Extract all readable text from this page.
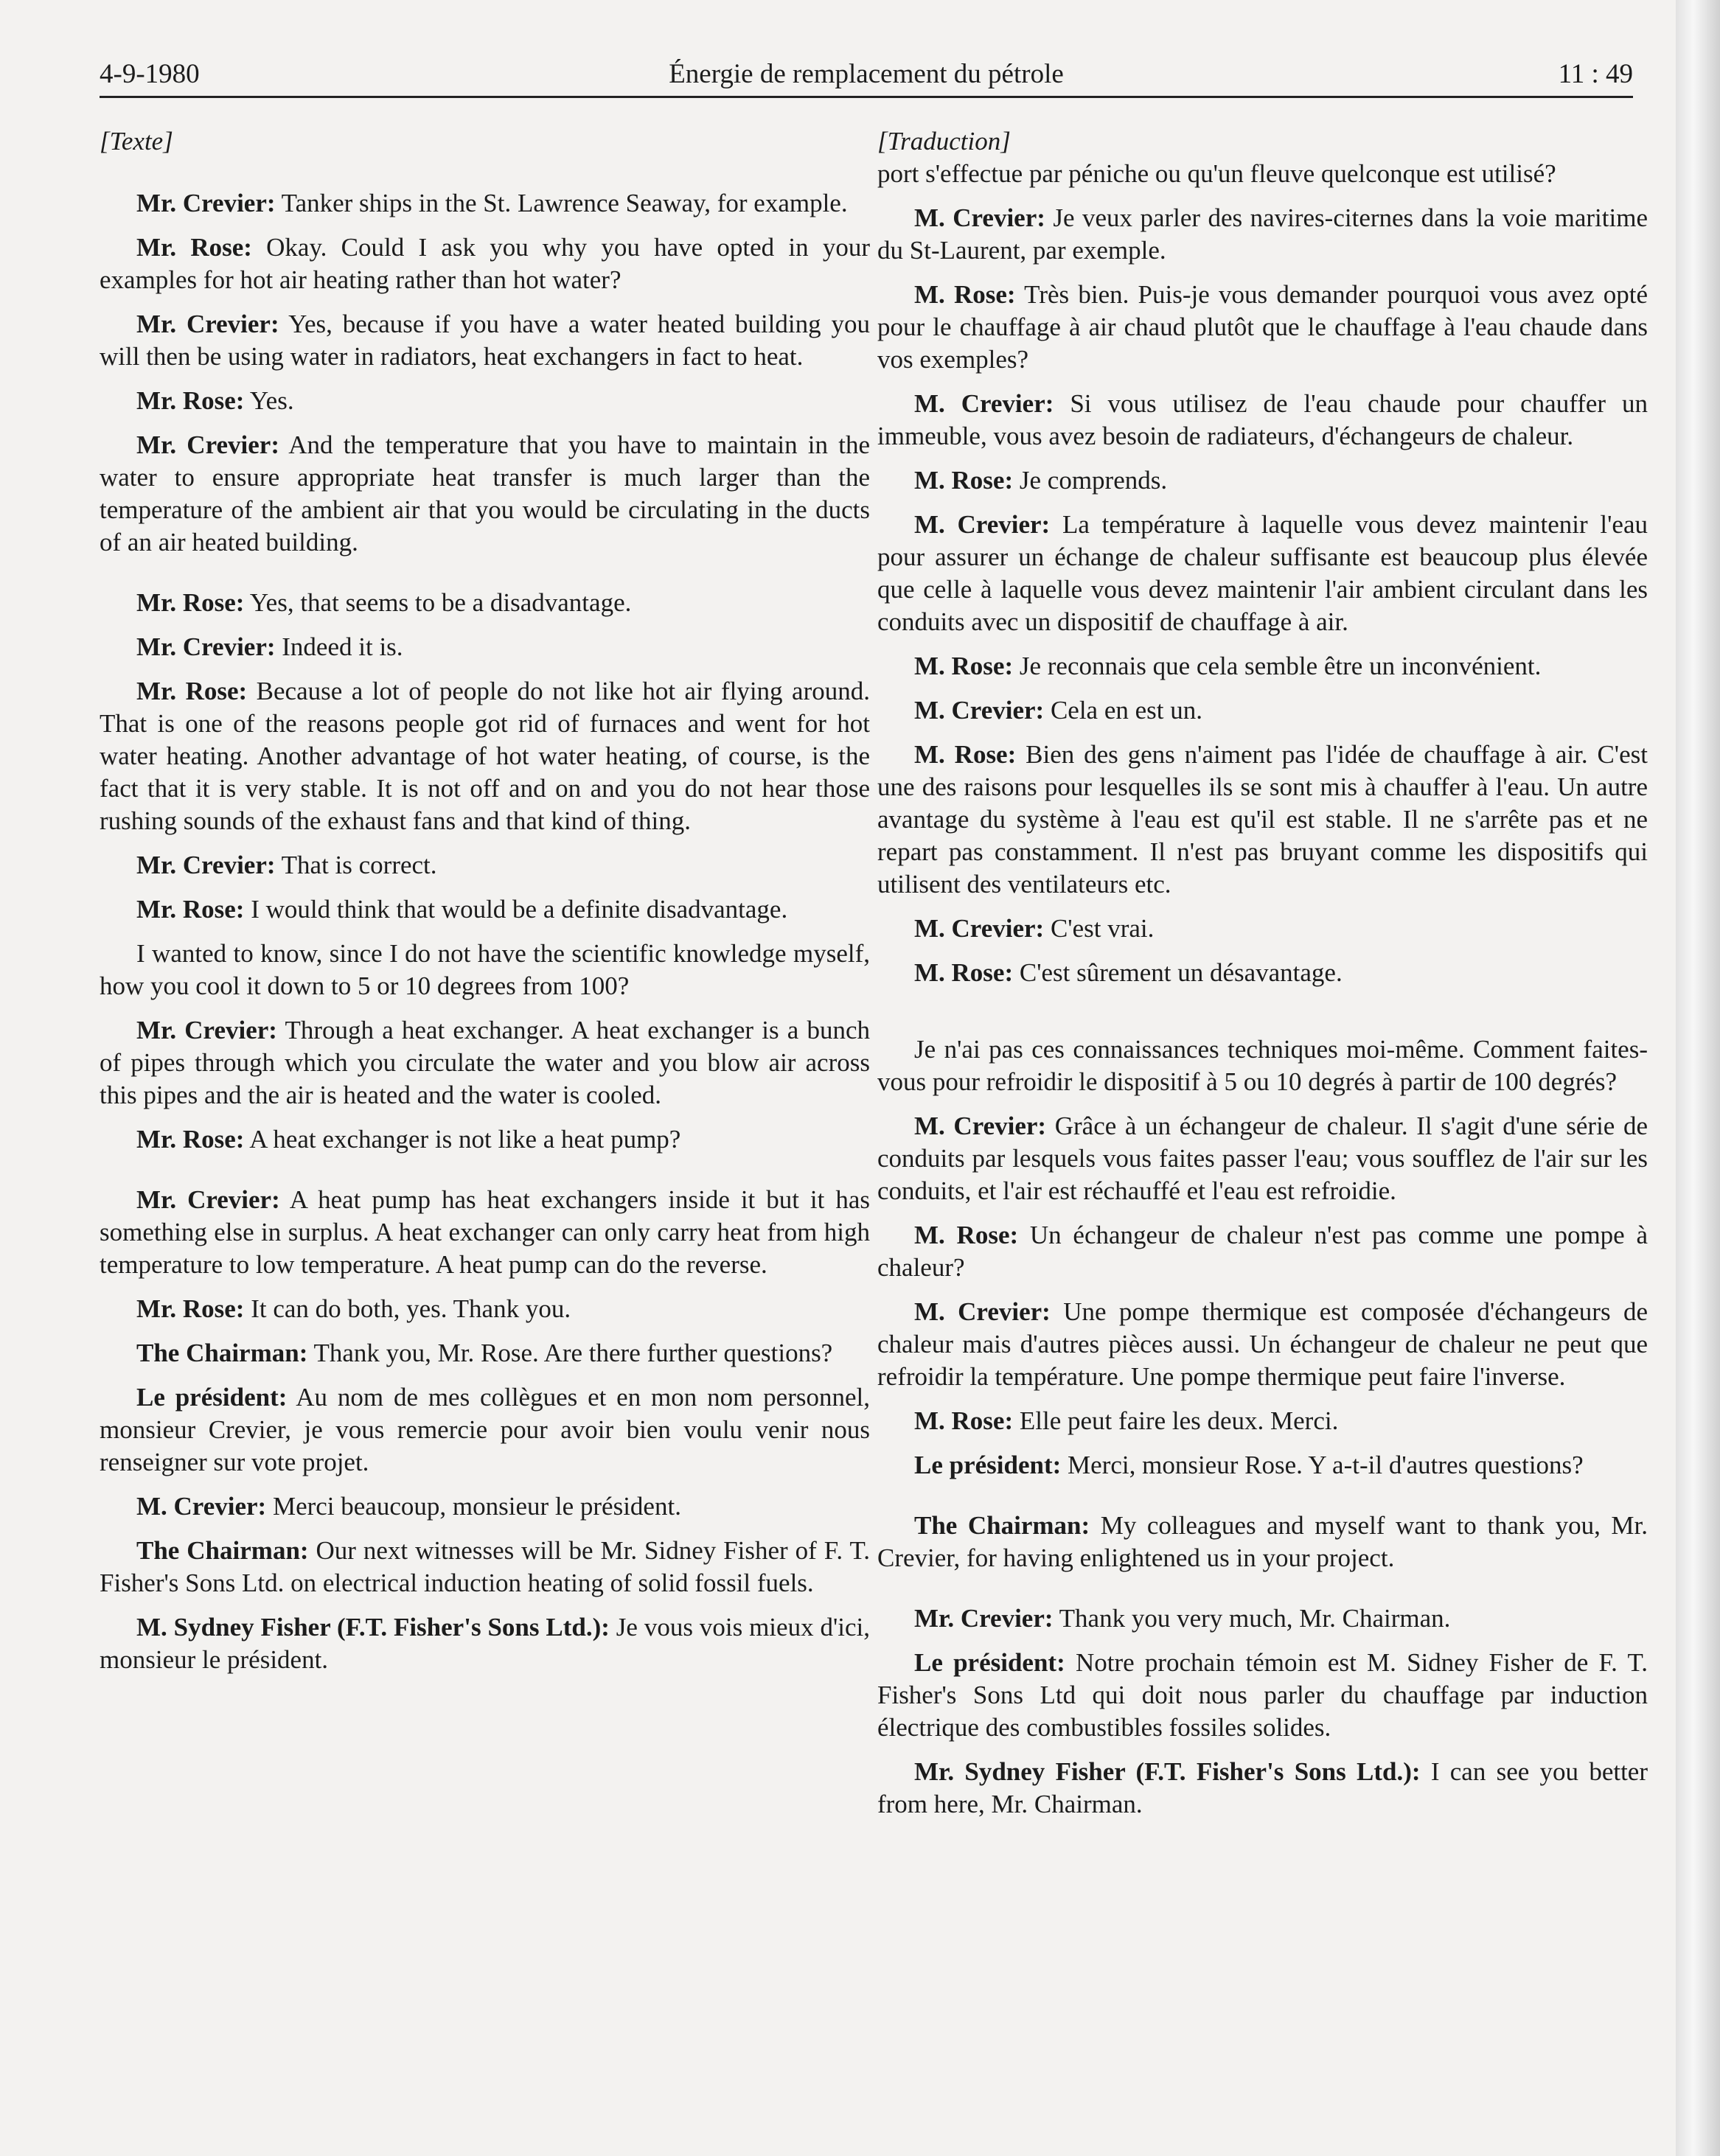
4-9-1980	Énergie de remplacement du pétrole	11 : 49
[Texte]

Mr. Crevier: Tanker ships in the St. Lawrence Seaway, for example.

Mr. Rose: Okay. Could I ask you why you have opted in your examples for hot air heating rather than hot water?

Mr. Crevier: Yes, because if you have a water heated building you will then be using water in radiators, heat exchangers in fact to heat.

Mr. Rose: Yes.

Mr. Crevier: And the temperature that you have to maintain in the water to ensure appropriate heat transfer is much larger than the temperature of the ambient air that you would be circulating in the ducts of an air heated building.

Mr. Rose: Yes, that seems to be a disadvantage.

Mr. Crevier: Indeed it is.

Mr. Rose: Because a lot of people do not like hot air flying around. That is one of the reasons people got rid of furnaces and went for hot water heating. Another advantage of hot water heating, of course, is the fact that it is very stable. It is not off and on and you do not hear those rushing sounds of the exhaust fans and that kind of thing.

Mr. Crevier: That is correct.

Mr. Rose: I would think that would be a definite disadvantage.

I wanted to know, since I do not have the scientific knowledge myself, how you cool it down to 5 or 10 degrees from 100?

Mr. Crevier: Through a heat exchanger. A heat exchanger is a bunch of pipes through which you circulate the water and you blow air across this pipes and the air is heated and the water is cooled.

Mr. Rose: A heat exchanger is not like a heat pump?

Mr. Crevier: A heat pump has heat exchangers inside it but it has something else in surplus. A heat exchanger can only carry heat from high temperature to low temperature. A heat pump can do the reverse.

Mr. Rose: It can do both, yes. Thank you.

The Chairman: Thank you, Mr. Rose. Are there further questions?

Le président: Au nom de mes collègues et en mon nom personnel, monsieur Crevier, je vous remercie pour avoir bien voulu venir nous renseigner sur vote projet.

M. Crevier: Merci beaucoup, monsieur le président.

The Chairman: Our next witnesses will be Mr. Sidney Fisher of F. T. Fisher's Sons Ltd. on electrical induction heating of solid fossil fuels.

M. Sydney Fisher (F.T. Fisher's Sons Ltd.): Je vous vois mieux d'ici, monsieur le président.

[Traduction]

port s'effectue par péniche ou qu'un fleuve quelconque est utilisé?

M. Crevier: Je veux parler des navires-citernes dans la voie maritime du St-Laurent, par exemple.

M. Rose: Très bien. Puis-je vous demander pourquoi vous avez opté pour le chauffage à air chaud plutôt que le chauffage à l'eau chaude dans vos exemples?

M. Crevier: Si vous utilisez de l'eau chaude pour chauffer un immeuble, vous avez besoin de radiateurs, d'échangeurs de chaleur.

M. Rose: Je comprends.

M. Crevier: La température à laquelle vous devez maintenir l'eau pour assurer un échange de chaleur suffisante est beaucoup plus élevée que celle à laquelle vous devez maintenir l'air ambient circulant dans les conduits avec un dispositif de chauffage à air.

M. Rose: Je reconnais que cela semble être un inconvénient.

M. Crevier: Cela en est un.

M. Rose: Bien des gens n'aiment pas l'idée de chauffage à air. C'est une des raisons pour lesquelles ils se sont mis à chauffer à l'eau. Un autre avantage du système à l'eau est qu'il est stable. Il ne s'arrête pas et ne repart pas constamment. Il n'est pas bruyant comme les dispositifs qui utilisent des ventilateurs etc.

M. Crevier: C'est vrai.

M. Rose: C'est sûrement un désavantage.

Je n'ai pas ces connaissances techniques moi-même. Comment faites-vous pour refroidir le dispositif à 5 ou 10 degrés à partir de 100 degrés?

M. Crevier: Grâce à un échangeur de chaleur. Il s'agit d'une série de conduits par lesquels vous faites passer l'eau; vous soufflez de l'air sur les conduits, et l'air est réchauffé et l'eau est refroidie.

M. Rose: Un échangeur de chaleur n'est pas comme une pompe à chaleur?

M. Crevier: Une pompe thermique est composée d'échangeurs de chaleur mais d'autres pièces aussi. Un échangeur de chaleur ne peut que refroidir la température. Une pompe thermique peut faire l'inverse.

M. Rose: Elle peut faire les deux. Merci.

Le président: Merci, monsieur Rose. Y a-t-il d'autres questions?

The Chairman: My colleagues and myself want to thank you, Mr. Crevier, for having enlightened us in your project.

Mr. Crevier: Thank you very much, Mr. Chairman.

Le président: Notre prochain témoin est M. Sidney Fisher de F. T. Fisher's Sons Ltd qui doit nous parler du chauffage par induction électrique des combustibles fossiles solides.

Mr. Sydney Fisher (F.T. Fisher's Sons Ltd.): I can see you better from here, Mr. Chairman.
